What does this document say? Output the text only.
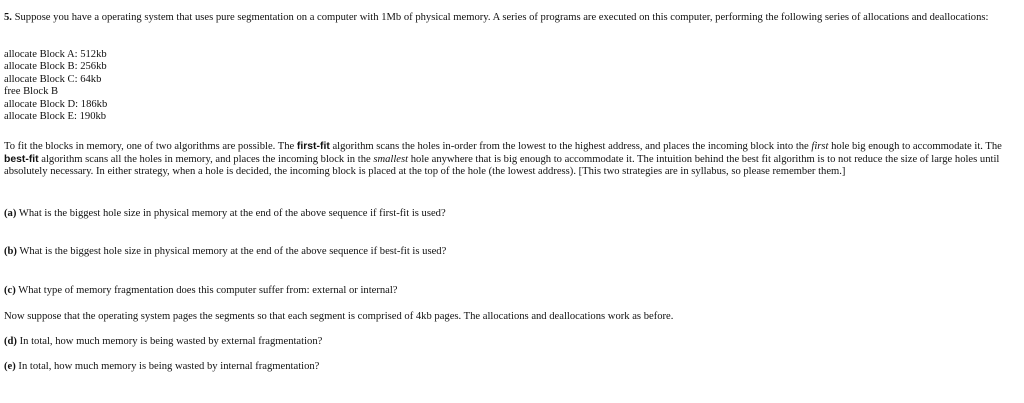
5. Suppose you have a operating system that uses pure segmentation on a computer with 1Mb of physical memory. A series of programs are executed on this computer, performing the following series of allocations and deallocations:

allocate Block A: 512kb
allocate Block B: 256kb
allocate Block C: 64kb
free Block B
allocate Block D: 186kb
allocate Block E: 190kb

To fit the blocks in memory, one of two algorithms are possible. The first-fit algorithm scans the holes in-order from the lowest to the highest address, and places the incoming block into the first hole big enough to accommodate it. The best-fit algorithm scans all the holes in memory, and places the incoming block in the smallest hole anywhere that is big enough to accommodate it. The intuition behind the best fit algorithm is to not reduce the size of large holes until absolutely necessary. In either strategy, when a hole is decided, the incoming block is placed at the top of the hole (the lowest address). [This two strategies are in syllabus, so please remember them.]

(a) What is the biggest hole size in physical memory at the end of the above sequence if first-fit is used?

(b) What is the biggest hole size in physical memory at the end of the above sequence if best-fit is used?

(c) What type of memory fragmentation does this computer suffer from: external or internal?

Now suppose that the operating system pages the segments so that each segment is comprised of 4kb pages. The allocations and deallocations work as before.

(d) In total, how much memory is being wasted by external fragmentation?

(e) In total, how much memory is being wasted by internal fragmentation?
